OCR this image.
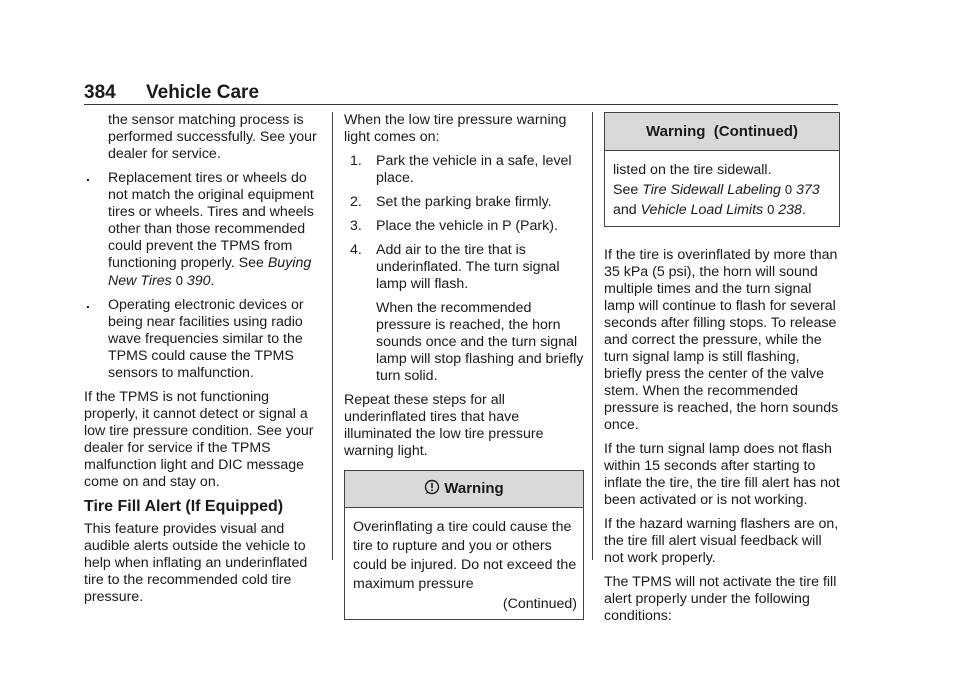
384 Vehicle Care

the sensor matching process is performed successfully. See your dealer for service.

. Replacement tires or wheels do not match the original equipment tires or wheels. Tires and wheels other than those recommended could prevent the TPMS from functioning properly. See Buying New Tires 0 390.
. Operating electronic devices or being near facilities using radio wave frequencies similar to the TPMS could cause the TPMS sensors to malfunction.

If the TPMS is not functioning properly, it cannot detect or signal a low tire pressure condition. See your dealer for service if the TPMS malfunction light and DIC message come on and stay on.

Tire Fill Alert (If Equipped)

This feature provides visual and audible alerts outside the vehicle to help when inflating an underinflated tire to the recommended cold tire pressure.

When the low tire pressure warning light comes on:

1. Park the vehicle in a safe, level place.
2. Set the parking brake firmly.
3. Place the vehicle in P (Park).
4. Add air to the tire that is underinflated. The turn signal lamp will flash.

When the recommended pressure is reached, the horn sounds once and the turn signal lamp will stop flashing and briefly turn solid.

Repeat these steps for all underinflated tires that have illuminated the low tire pressure warning light.

Warning

Overinflating a tire could cause the tire to rupture and you or others could be injured. Do not exceed the maximum pressure

(Continued)
Warning  (Continued)

listed on the tire sidewall.

See Tire Sidewall Labeling 0 373

and Vehicle Load Limits 0 238.

If the tire is overinflated by more than 35 kPa (5 psi), the horn will sound multiple times and the turn signal lamp will continue to flash for several seconds after filling stops. To release and correct the pressure, while the turn signal lamp is still flashing, briefly press the center of the valve stem. When the recommended pressure is reached, the horn sounds once.

If the turn signal lamp does not flash within 15 seconds after starting to inflate the tire, the tire fill alert has not been activated or is not working.

If the hazard warning flashers are on, the tire fill alert visual feedback will not work properly.

The TPMS will not activate the tire fill alert properly under the following conditions:
